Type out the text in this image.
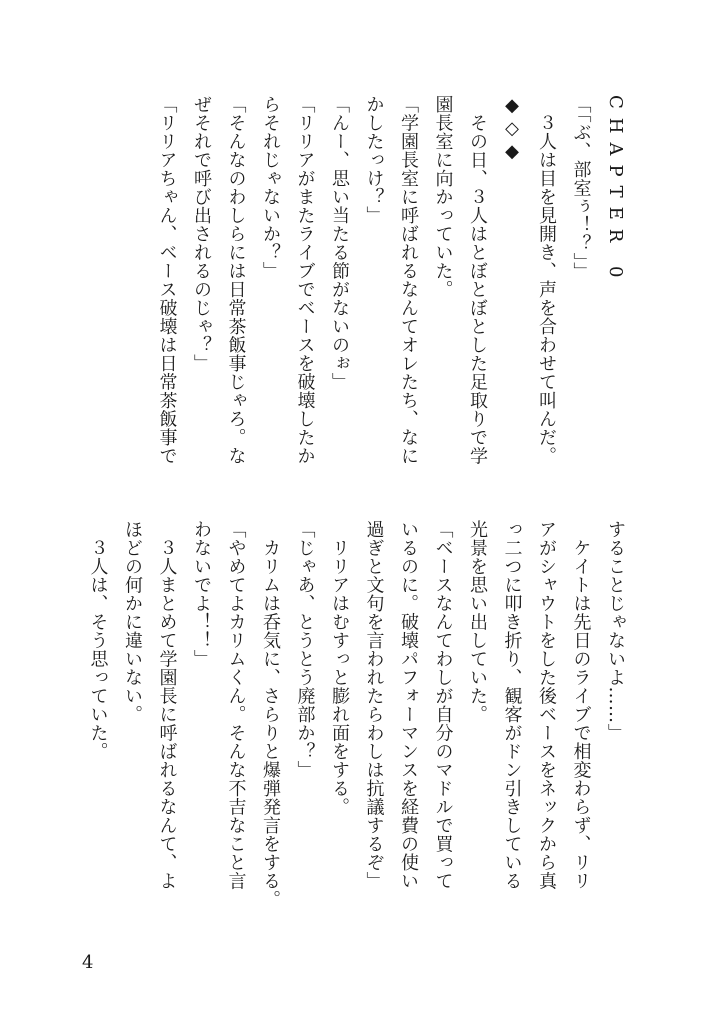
CHAPTER 0

「「ぶ、部室ぅ！？」」

　３人は目を見開き、声を合わせて叫んだ。

◆◇◆

　その日、３人はとぼとぼとした足取りで学

園長室に向かっていた。

「学園長室に呼ばれるなんてオレたち、なに

かしたっけ？」

「んー、思い当たる節がないのぉ」

「リリアがまたライブでベースを破壊したか

らそれじゃないか？」

「そんなのわしらには日常茶飯事じゃろ。な

ぜそれで呼び出されるのじゃ？」

「リリアちゃん、ベース破壊は日常茶飯事で

することじゃないよ……」

　ケイトは先日のライブで相変わらず、リリ

アがシャウトをした後ベースをネックから真

っ二つに叩き折り、観客がドン引きしている

光景を思い出していた。

「ベースなんてわしが自分のマドルで買って

いるのに。破壊パフォーマンスを経費の使い

過ぎと文句を言われたらわしは抗議するぞ」

　リリアはむすっと膨れ面をする。

「じゃあ、とうとう廃部か？」

　カリムは呑気に、さらりと爆弾発言をする。

「やめてよカリムくん。そんな不吉なこと言

わないでよ！！」

　３人まとめて学園長に呼ばれるなんて、よ

ほどの何かに違いない。

　３人は、そう思っていた。

4
